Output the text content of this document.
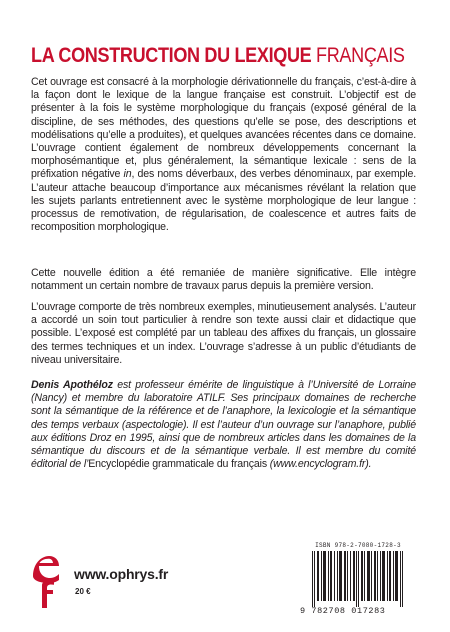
LA CONSTRUCTION DU LEXIQUE FRANÇAIS

Cet ouvrage est consacré à la morphologie dérivationnelle du français, c’est-à-dire à la façon dont le lexique de la langue française est construit. L’objectif est de présenter à la fois le système morphologique du français (exposé général de la discipline, de ses méthodes, des questions qu’elle se pose, des descriptions et modélisations qu’elle a produites), et quelques avancées récentes dans ce domaine. L’ouvrage contient également de nombreux développements concernant la morphosémantique et, plus généralement, la sémantique lexicale : sens de la préfixation négative in, des noms déverbaux, des verbes dénominaux, par exemple. L’auteur attache beaucoup d’importance aux mécanismes révélant la relation que les sujets parlants entretiennent avec le système morphologique de leur langue : processus de remotivation, de régularisation, de coalescence et autres faits de recomposition morphologique.

Cette nouvelle édition a été remaniée de manière significative. Elle intègre notamment un certain nombre de travaux parus depuis la première version.

L’ouvrage comporte de très nombreux exemples, minutieusement analysés. L’auteur a accordé un soin tout particulier à rendre son texte aussi clair et didactique que possible. L’exposé est complété par un tableau des affixes du français, un glossaire des termes techniques et un index. L’ouvrage s’adresse à un public d’étudiants de niveau universitaire.

Denis Apothéloz est professeur émérite de linguistique à l’Université de Lorraine (Nancy) et membre du laboratoire ATILF. Ses principaux domaines de recherche sont la sémantique de la référence et de l’anaphore, la lexicologie et la sémantique des temps verbaux (aspectologie). Il est l’auteur d’un ouvrage sur l’anaphore, publié aux éditions Droz en 1995, ainsi que de nombreux articles dans les domaines de la sémantique du discours et de la sémantique verbale. Il est membre du comité éditorial de l’Encyclopédie grammaticale du français (www.encyclogram.fr).

www.ophrys.fr
20 €
ISBN 978-2-7080-1728-3
9 782708 017283
